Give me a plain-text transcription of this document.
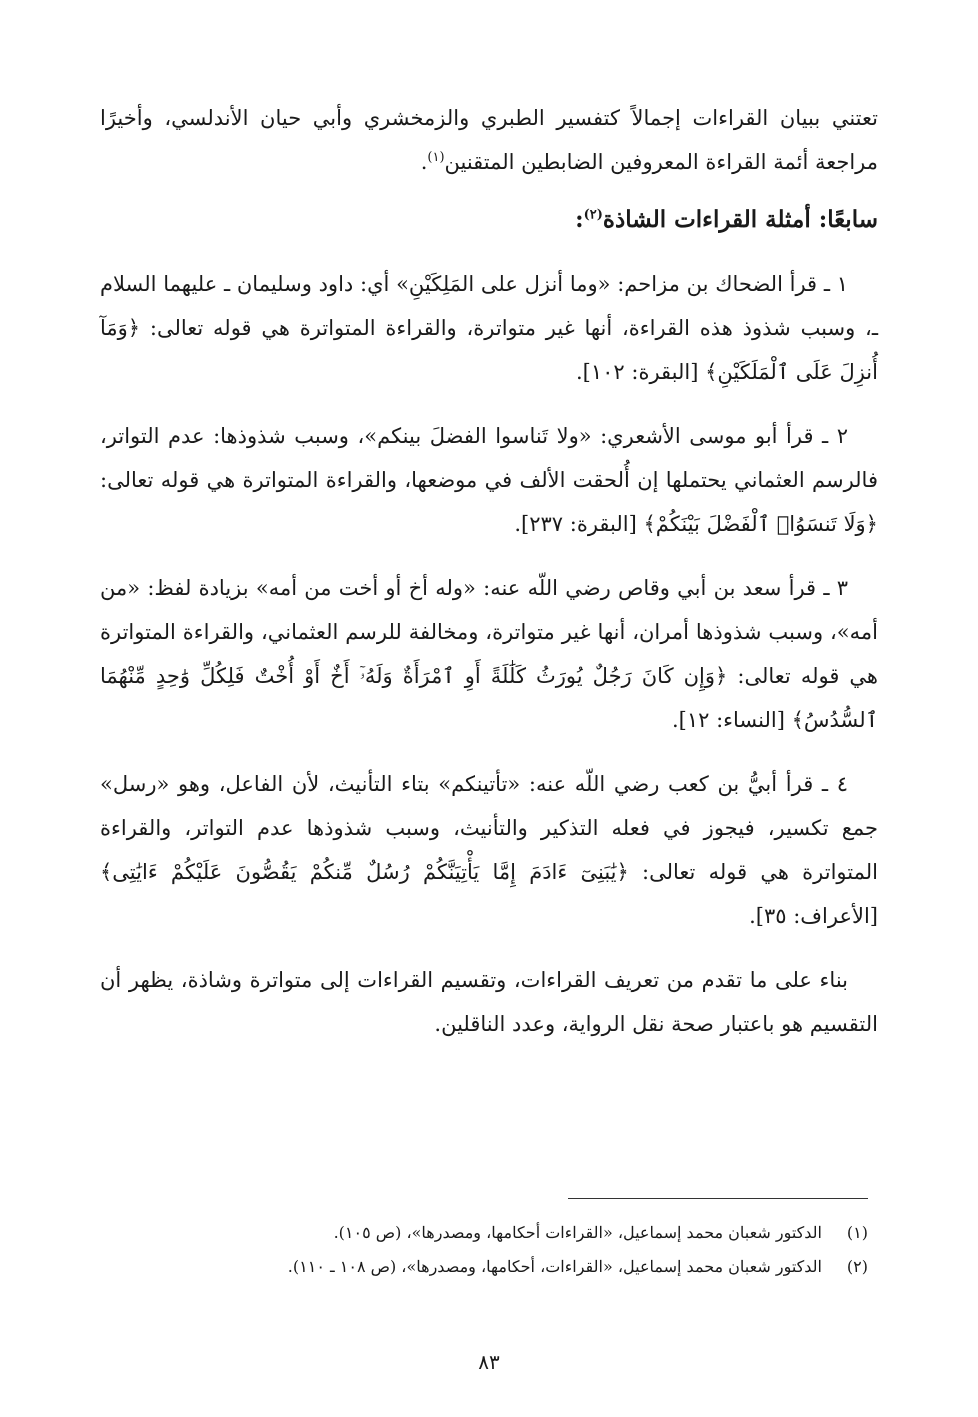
تعتني ببيان القراءات إجمالاً كتفسير الطبري والزمخشري وأبي حيان الأندلسي، وأخيرًا مراجعة أئمة القراءة المعروفين الضابطين المتقنين$^{(١)}$.

سابعًا: أمثلة القراءات الشاذة$^{(٢)}$:

١ ـ قرأ الضحاك بن مزاحم: «وما أنزل على المَلِكَيْنِ» أي: داود وسليمان ـ عليهما السلام ـ، وسبب شذوذ هذه القراءة، أنها غير متواترة، والقراءة المتواترة هي قوله تعالى: ﴿وَمَآ أُنزِلَ عَلَى ٱلْمَلَكَيْنِ﴾ [البقرة: ١٠٢].

٢ ـ قرأ أبو موسى الأشعري: «ولا تَناسوا الفضلَ بينكم»، وسبب شذوذها: عدم التواتر، فالرسم العثماني يحتملها إن أُلحقت الألف في موضعها، والقراءة المتواترة هي قوله تعالى: ﴿وَلَا تَنسَوُا۟ ٱلْفَضْلَ بَيْنَكُمْ﴾ [البقرة: ٢٣٧].

٣ ـ قرأ سعد بن أبي وقاص رضي اللّه عنه: «وله أخ أو أخت من أمه» بزيادة لفظ: «من أمه»، وسبب شذوذها أمران، أنها غير متواترة، ومخالفة للرسم العثماني، والقراءة المتواترة هي قوله تعالى: ﴿وَإِن كَانَ رَجُلٌ يُورَثُ كَلَٰلَةً أَوِ ٱمْرَأَةٌ وَلَهُۥٓ أَخٌ أَوْ أُخْتٌ فَلِكُلِّ وَٰحِدٍ مِّنْهُمَا ٱلسُّدُسُ﴾ [النساء: ١٢].

٤ ـ قرأ أبيُّ بن كعب رضي اللّه عنه: «تأتينكم» بتاء التأنيث، لأن الفاعل، وهو «رسل» جمع تكسير، فيجوز في فعله التذكير والتأنيث، وسبب شذوذها عدم التواتر، والقراءة المتواترة هي قوله تعالى: ﴿يَٰبَنِىٓ ءَادَمَ إِمَّا يَأْتِيَنَّكُمْ رُسُلٌ مِّنكُمْ يَقُصُّونَ عَلَيْكُمْ ءَايَٰتِى﴾ [الأعراف: ٣٥].

بناء على ما تقدم من تعريف القراءات، وتقسيم القراءات إلى متواترة وشاذة، يظهر أن التقسيم هو باعتبار صحة نقل الرواية، وعدد الناقلين.

(١)
الدكتور شعبان محمد إسماعيل، «القراءات أحكامها، ومصدرها»، (ص ١٠٥).
(٢)
الدكتور شعبان محمد إسماعيل، «القراءات، أحكامها، ومصدرها»، (ص ١٠٨ ـ ١١٠).
٨٣
